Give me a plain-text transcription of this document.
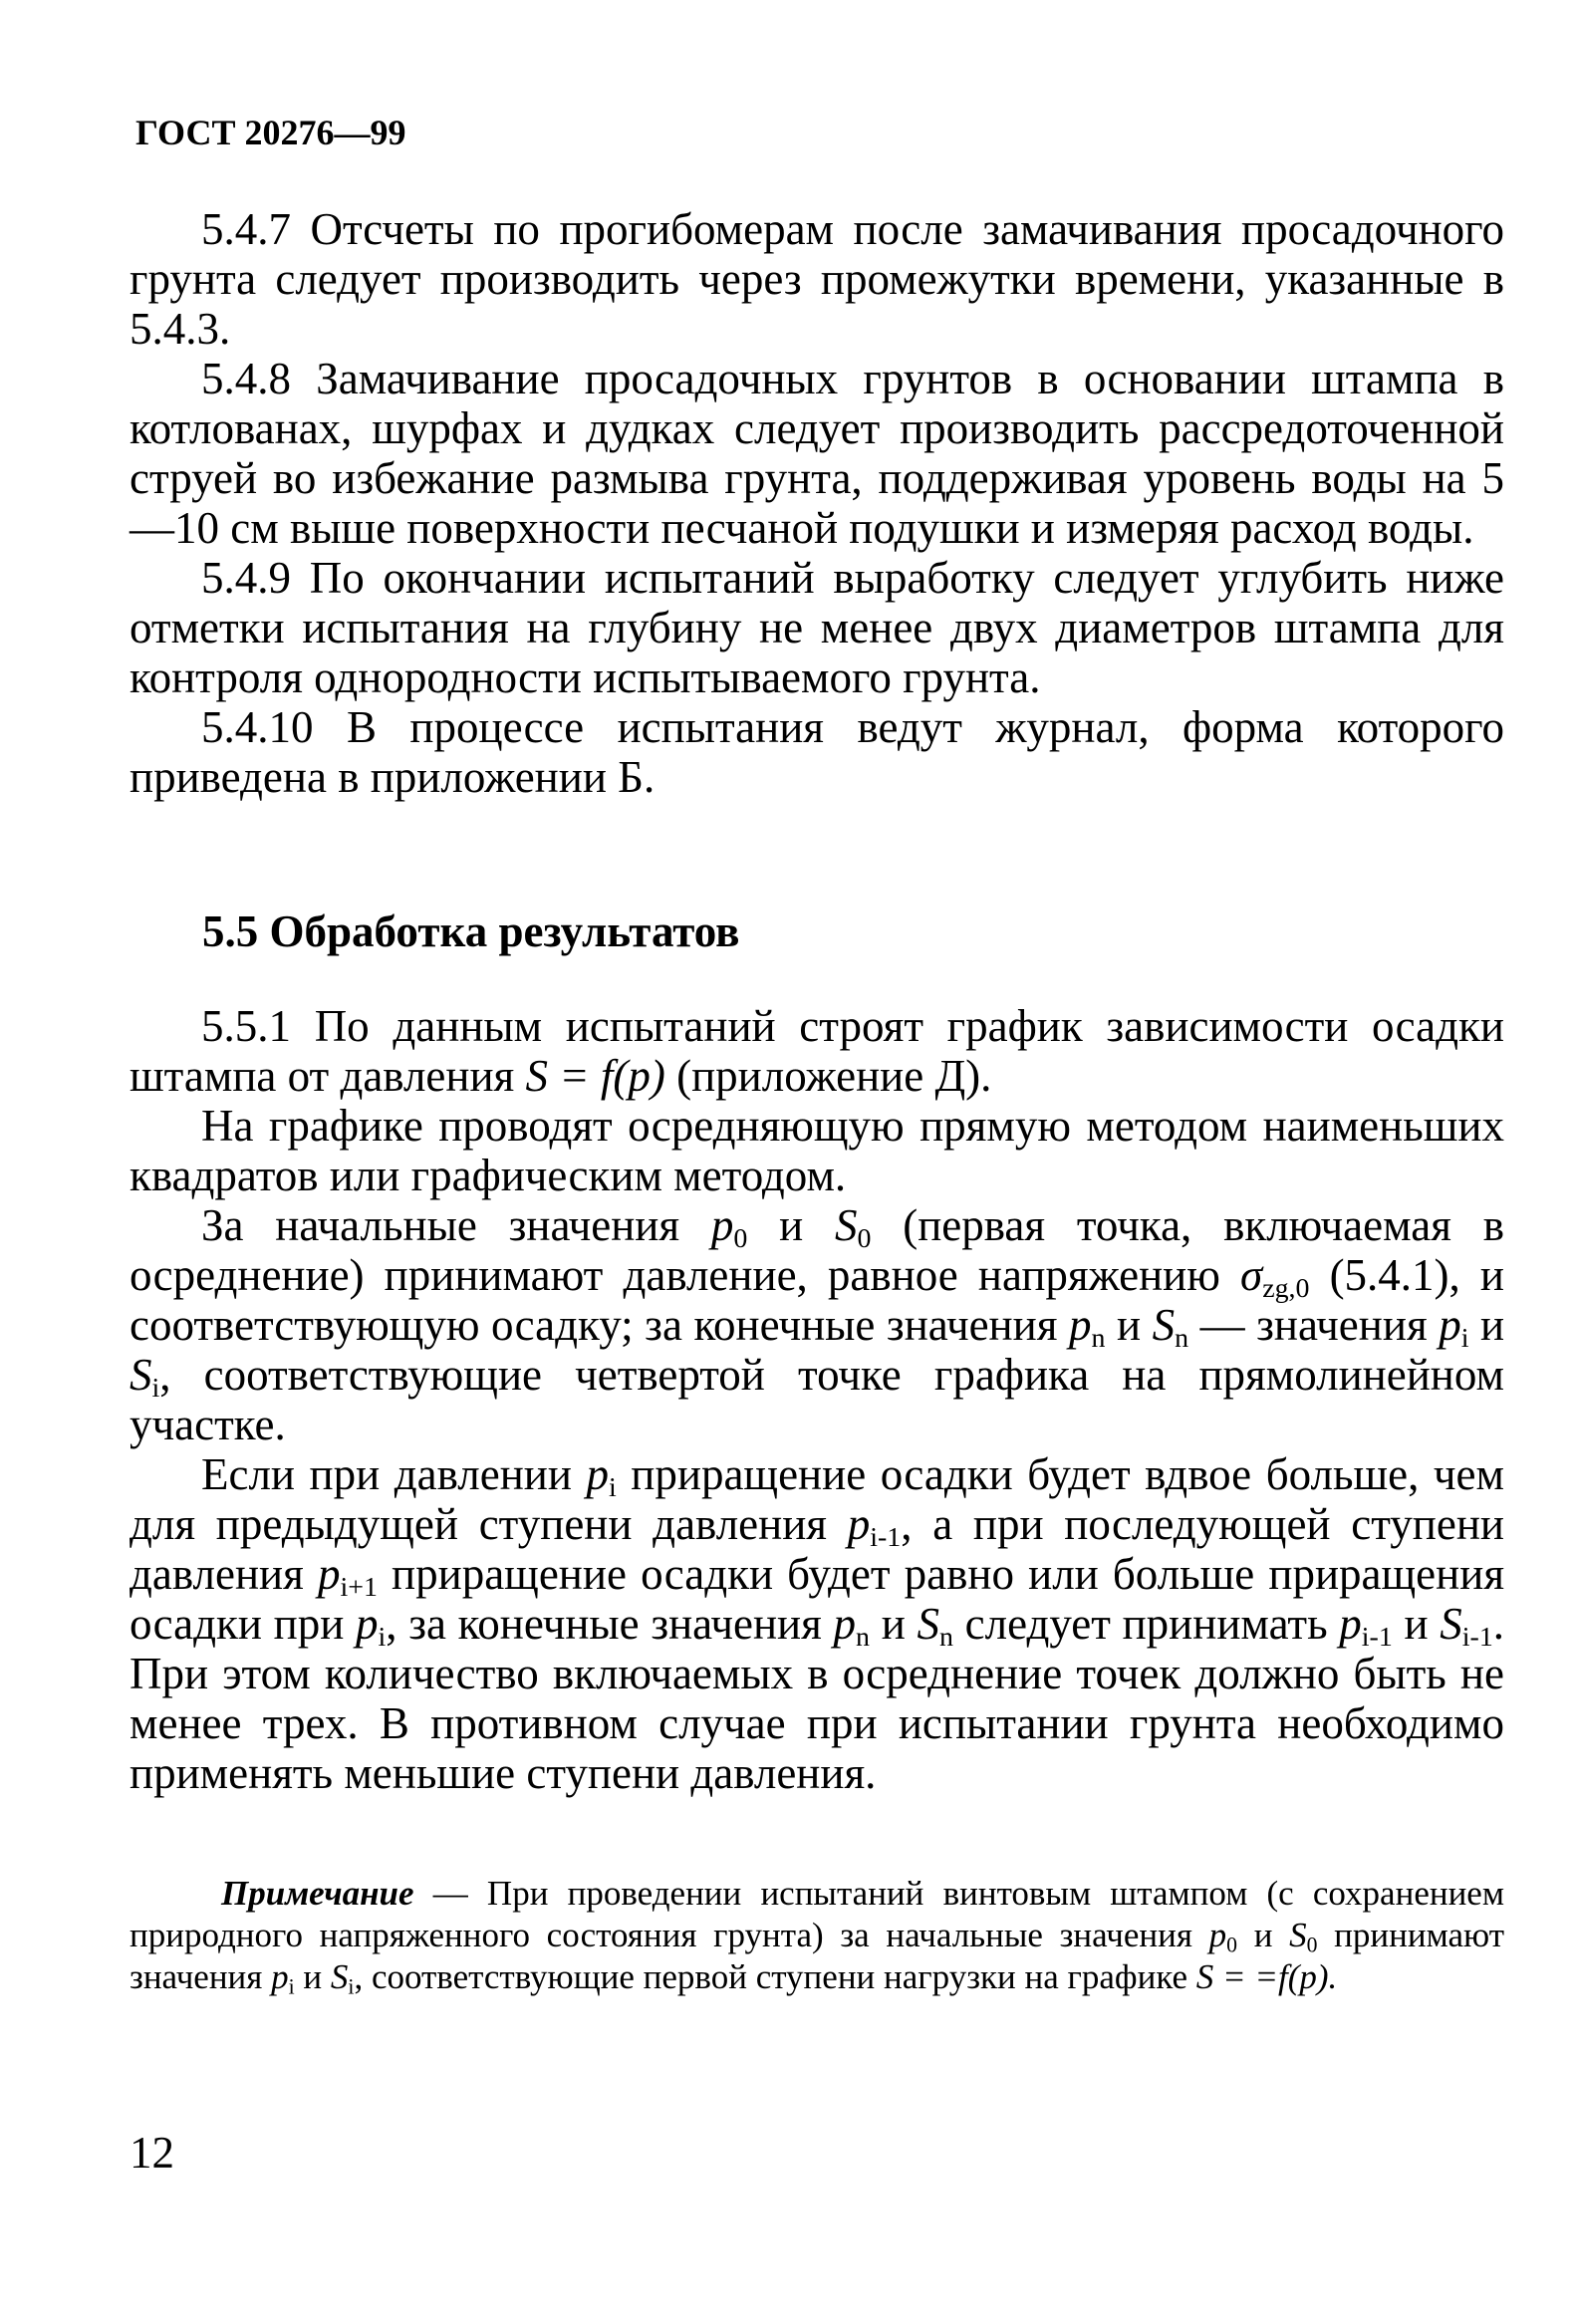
ГОСТ 20276—99

5.4.7 Отсчеты по прогибомерам после замачивания просадочного грунта следует производить через промежутки времени, указанные в 5.4.3.

5.4.8 Замачивание просадочных грунтов в основании штампа в котлованах, шурфах и дудках следует производить рассредоточенной струей во избежание размыва грунта, поддерживая уровень воды на 5—10 см выше поверхности песчаной подушки и измеряя расход воды.

5.4.9 По окончании испытаний выработку следует углубить ниже отметки испытания на глубину не менее двух диаметров штампа для контроля однородности испытываемого грунта.

5.4.10 В процессе испытания ведут журнал, форма которого приведена в приложении Б.

5.5 Обработка результатов

5.5.1 По данным испытаний строят график зависимости осадки штампа от давления S = f(p) (приложение Д).

На графике проводят осредняющую прямую методом наименьших квадратов или графическим методом.

За начальные значения $p_0$ и $S_0$ (первая точка, включаемая в осреднение) принимают давление, равное напряжению $\sigma_{zg,0}$ (5.4.1), и соответствующую осадку; за конечные значения $p_n$ и $S_n$ — значения $p_i$ и $S_i$, соответствующие четвертой точке графика на прямолинейном участке.

Если при давлении $p_i$ приращение осадки будет вдвое больше, чем для предыдущей ступени давления $p_{i-1}$, а при последующей ступени давления $p_{i+1}$ приращение осадки будет равно или больше приращения осадки при $p_i$, за конечные значения $p_n$ и $S_n$ следует принимать $p_{i-1}$ и $S_{i-1}$. При этом количество включаемых в осреднение точек должно быть не менее трех. В противном случае при испытании грунта необходимо применять меньшие ступени давления.

Примечание — При проведении испытаний винтовым штампом (с сохранением природного напряженного состояния грунта) за начальные значения $p_0$ и $S_0$ принимают значения $p_i$ и $S_i$, соответствующие первой ступени нагрузки на графике S = =f(p).

12
